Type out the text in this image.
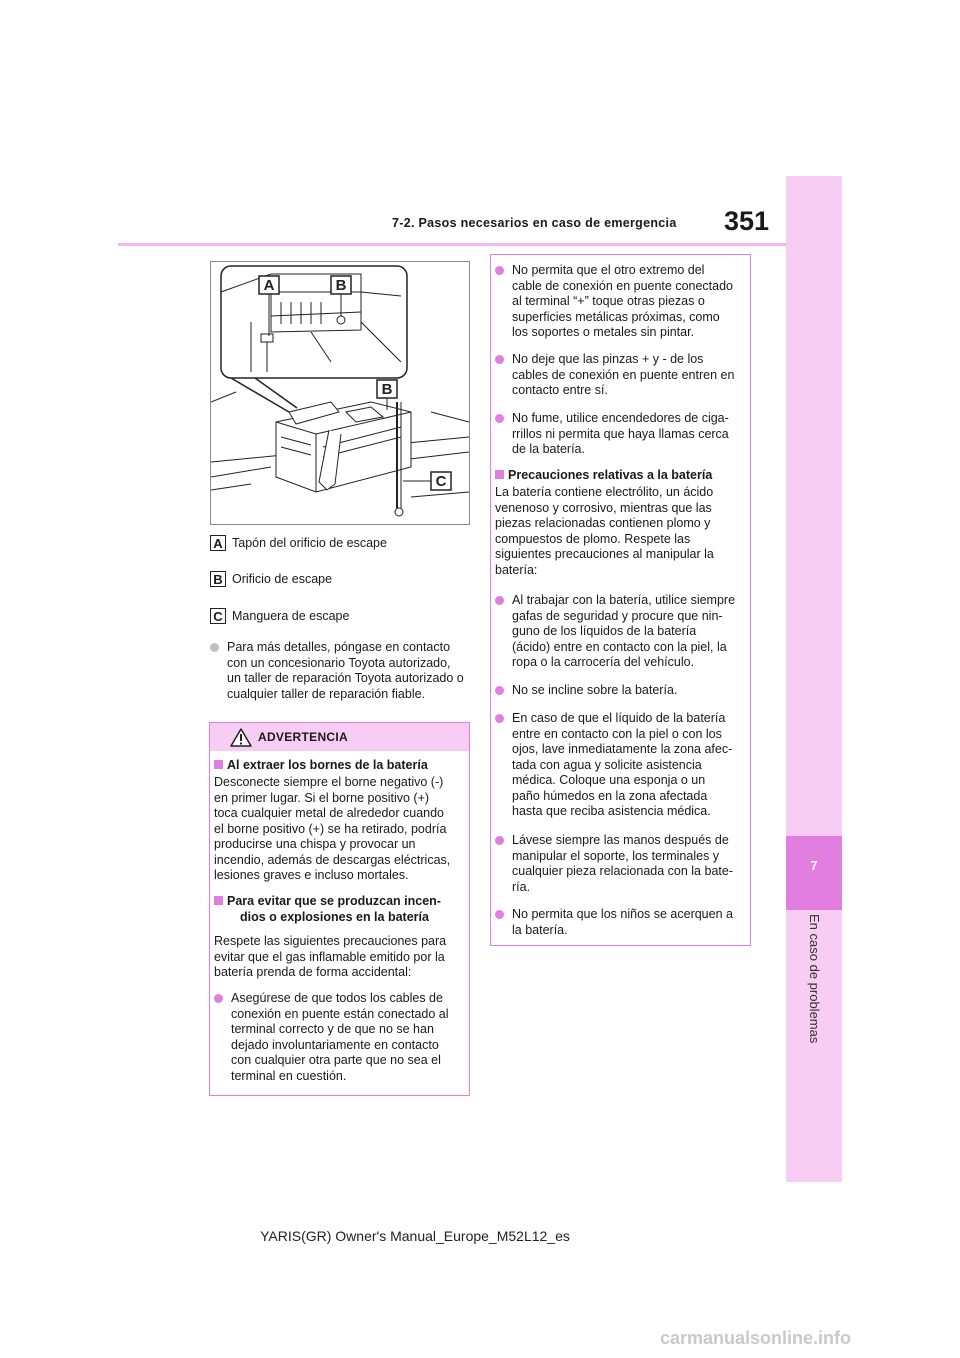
7
En caso de problemas
7-2. Pasos necesarios en caso de emergencia 351
A	B
B
C
A Tapón del orificio de escape
B Orificio de escape
C Manguera de escape
Para más detalles, póngase en contacto
con un concesionario Toyota autorizado,
un taller de reparación Toyota autorizado o
cualquier taller de reparación fiable.
ADVERTENCIA
Al extraer los bornes de la batería
Desconecte siempre el borne negativo (-)
en primer lugar. Si el borne positivo (+)
toca cualquier metal de alrededor cuando
el borne positivo (+) se ha retirado, podría
producirse una chispa y provocar un
incendio, además de descargas eléctricas,
lesiones graves e incluso mortales.
Para evitar que se produzcan incen-
dios o explosiones en la batería
Respete las siguientes precauciones para
evitar que el gas inflamable emitido por la
batería prenda de forma accidental:
Asegúrese de que todos los cables de
conexión en puente están conectado al
terminal correcto y de que no se han
dejado involuntariamente en contacto
con cualquier otra parte que no sea el
terminal en cuestión.
No permita que el otro extremo del
cable de conexión en puente conectado
al terminal “+” toque otras piezas o
superficies metálicas próximas, como
los soportes o metales sin pintar.
No deje que las pinzas + y - de los
cables de conexión en puente entren en
contacto entre sí.
No fume, utilice encendedores de ciga-
rrillos ni permita que haya llamas cerca
de la batería.
Precauciones relativas a la batería
La batería contiene electrólito, un ácido
venenoso y corrosivo, mientras que las
piezas relacionadas contienen plomo y
compuestos de plomo. Respete las
siguientes precauciones al manipular la
batería:
Al trabajar con la batería, utilice siempre
gafas de seguridad y procure que nin-
guno de los líquidos de la batería
(ácido) entre en contacto con la piel, la
ropa o la carrocería del vehículo.
No se incline sobre la batería.
En caso de que el líquido de la batería
entre en contacto con la piel o con los
ojos, lave inmediatamente la zona afec-
tada con agua y solicite asistencia
médica. Coloque una esponja o un
paño húmedos en la zona afectada
hasta que reciba asistencia médica.
Lávese siempre las manos después de
manipular el soporte, los terminales y
cualquier pieza relacionada con la bate-
ría.
No permita que los niños se acerquen a
la batería.
YARIS(GR) Owner's Manual_Europe_M52L12_es
carmanualsonline.info
